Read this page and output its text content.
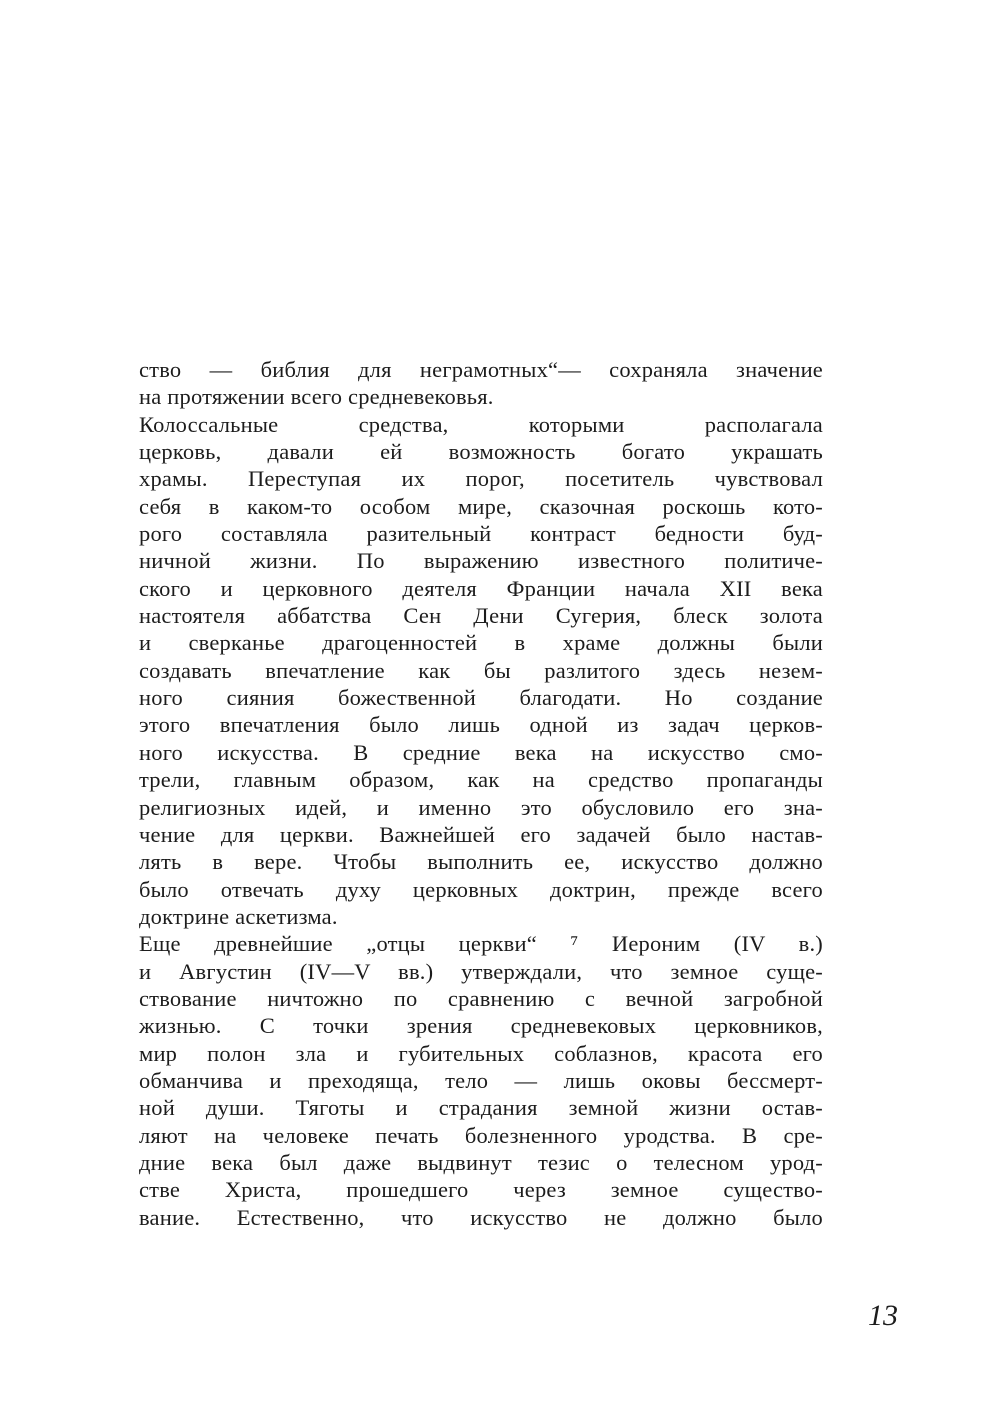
ство — библия для неграмотных“— сохраняла значение
на протяжении всего средневековья.
Колоссальные средства, которыми располагала
церковь, давали ей возможность богато украшать
храмы. Переступая их порог, посетитель чувствовал
себя в каком-то особом мире, сказочная роскошь кото-
рого составляла разительный контраст бедности буд-
ничной жизни. По выражению известного политиче-
ского и церковного деятеля Франции начала XII века
настоятеля аббатства Сен Дени Сугерия, блеск золота
и сверканье драгоценностей в храме должны были
создавать впечатление как бы разлитого здесь незем-
ного сияния божественной благодати. Но создание
этого впечатления было лишь одной из задач церков-
ного искусства. В средние века на искусство смо-
трели, главным образом, как на средство пропаганды
религиозных идей, и именно это обусловило его зна-
чение для церкви. Важнейшей его задачей было настав-
лять в вере. Чтобы выполнить ее, искусство должно
было отвечать духу церковных доктрин, прежде всего
доктрине аскетизма.
Еще древнейшие „отцы церкви“ ⁷ Иероним (IV в.)
и Августин (IV—V вв.) утверждали, что земное суще-
ствование ничтожно по сравнению с вечной загробной
жизнью. С точки зрения средневековых церковников,
мир полон зла и губительных соблазнов, красота его
обманчива и преходяща, тело — лишь оковы бессмерт-
ной души. Тяготы и страдания земной жизни остав-
ляют на человеке печать болезненного уродства. В сре-
дние века был даже выдвинут тезис о телесном урод-
стве Христа, прошедшего через земное существо-
вание. Естественно, что искусство не должно было
13
